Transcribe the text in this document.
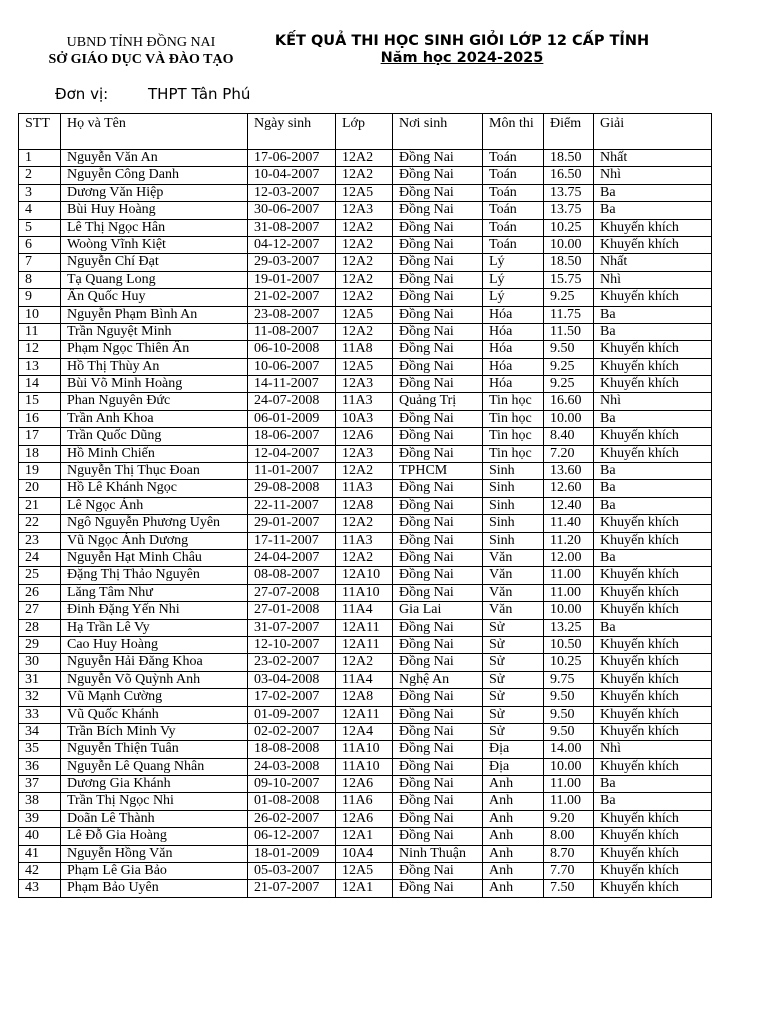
UBND TỈNH ĐỒNG NAI
SỞ GIÁO DỤC VÀ ĐÀO TẠO
KẾT QUẢ THI HỌC SINH GIỎI LỚP 12 CẤP TỈNH
Năm học 2024-2025
Đơn vị:	THPT Tân Phú
STT	Họ và Tên	Ngày sinh	Lớp	Nơi sinh	Môn thi	Điểm	Giải
1	Nguyễn Văn An	17-06-2007	12A2	Đồng Nai	Toán	18.50	Nhất
2	Nguyễn Công Danh	10-04-2007	12A2	Đồng Nai	Toán	16.50	Nhì
3	Dương Văn Hiệp	12-03-2007	12A5	Đồng Nai	Toán	13.75	Ba
4	Bùi Huy Hoàng	30-06-2007	12A3	Đồng Nai	Toán	13.75	Ba
5	Lê Thị Ngọc Hân	31-08-2007	12A2	Đồng Nai	Toán	10.25	Khuyến khích
6	Woòng Vĩnh Kiệt	04-12-2007	12A2	Đồng Nai	Toán	10.00	Khuyến khích
7	Nguyễn Chí Đạt	29-03-2007	12A2	Đồng Nai	Lý	18.50	Nhất
8	Tạ Quang Long	19-01-2007	12A2	Đồng Nai	Lý	15.75	Nhì
9	Ân Quốc Huy	21-02-2007	12A2	Đồng Nai	Lý	9.25	Khuyến khích
10	Nguyễn Phạm Bình An	23-08-2007	12A5	Đồng Nai	Hóa	11.75	Ba
11	Trần Nguyệt Minh	11-08-2007	12A2	Đồng Nai	Hóa	11.50	Ba
12	Phạm Ngọc Thiên Ân	06-10-2008	11A8	Đồng Nai	Hóa	9.50	Khuyến khích
13	Hồ Thị Thùy An	10-06-2007	12A5	Đồng Nai	Hóa	9.25	Khuyến khích
14	Bùi Võ Minh Hoàng	14-11-2007	12A3	Đồng Nai	Hóa	9.25	Khuyến khích
15	Phan Nguyên Đức	24-07-2008	11A3	Quảng Trị	Tin học	16.60	Nhì
16	Trần Anh Khoa	06-01-2009	10A3	Đồng Nai	Tin học	10.00	Ba
17	Trần Quốc Dũng	18-06-2007	12A6	Đồng Nai	Tin học	8.40	Khuyến khích
18	Hồ Minh Chiến	12-04-2007	12A3	Đồng Nai	Tin học	7.20	Khuyến khích
19	Nguyễn Thị Thục Đoan	11-01-2007	12A2	TPHCM	Sinh	13.60	Ba
20	Hồ Lê Khánh Ngọc	29-08-2008	11A3	Đồng Nai	Sinh	12.60	Ba
21	Lê Ngọc Ánh	22-11-2007	12A8	Đồng Nai	Sinh	12.40	Ba
22	Ngô Nguyễn Phương Uyên	29-01-2007	12A2	Đồng Nai	Sinh	11.40	Khuyến khích
23	Vũ Ngọc Ánh Dương	17-11-2007	11A3	Đồng Nai	Sinh	11.20	Khuyến khích
24	Nguyễn Hạt Minh Châu	24-04-2007	12A2	Đồng Nai	Văn	12.00	Ba
25	Đặng Thị Thảo Nguyên	08-08-2007	12A10	Đồng Nai	Văn	11.00	Khuyến khích
26	Lăng Tâm Như	27-07-2008	11A10	Đồng Nai	Văn	11.00	Khuyến khích
27	Đinh Đặng Yến Nhi	27-01-2008	11A4	Gia Lai	Văn	10.00	Khuyến khích
28	Hạ Trần Lê Vy	31-07-2007	12A11	Đồng Nai	Sử	13.25	Ba
29	Cao Huy Hoàng	12-10-2007	12A11	Đồng Nai	Sử	10.50	Khuyến khích
30	Nguyễn Hải Đăng Khoa	23-02-2007	12A2	Đồng Nai	Sử	10.25	Khuyến khích
31	Nguyễn Võ Quỳnh Anh	03-04-2008	11A4	Nghệ An	Sử	9.75	Khuyến khích
32	Vũ Mạnh Cường	17-02-2007	12A8	Đồng Nai	Sử	9.50	Khuyến khích
33	Vũ Quốc Khánh	01-09-2007	12A11	Đồng Nai	Sử	9.50	Khuyến khích
34	Trần Bích Minh Vy	02-02-2007	12A4	Đồng Nai	Sử	9.50	Khuyến khích
35	Nguyễn Thiện Tuân	18-08-2008	11A10	Đồng Nai	Địa	14.00	Nhì
36	Nguyễn Lê Quang Nhân	24-03-2008	11A10	Đồng Nai	Địa	10.00	Khuyến khích
37	Dương Gia Khánh	09-10-2007	12A6	Đồng Nai	Anh	11.00	Ba
38	Trần Thị Ngọc Nhi	01-08-2008	11A6	Đồng Nai	Anh	11.00	Ba
39	Doãn Lê Thành	26-02-2007	12A6	Đồng Nai	Anh	9.20	Khuyến khích
40	Lê Đỗ Gia Hoàng	06-12-2007	12A1	Đồng Nai	Anh	8.00	Khuyến khích
41	Nguyễn Hồng Văn	18-01-2009	10A4	Ninh Thuận	Anh	8.70	Khuyến khích
42	Phạm Lê Gia Bảo	05-03-2007	12A5	Đồng Nai	Anh	7.70	Khuyến khích
43	Phạm Bảo Uyên	21-07-2007	12A1	Đồng Nai	Anh	7.50	Khuyến khích
